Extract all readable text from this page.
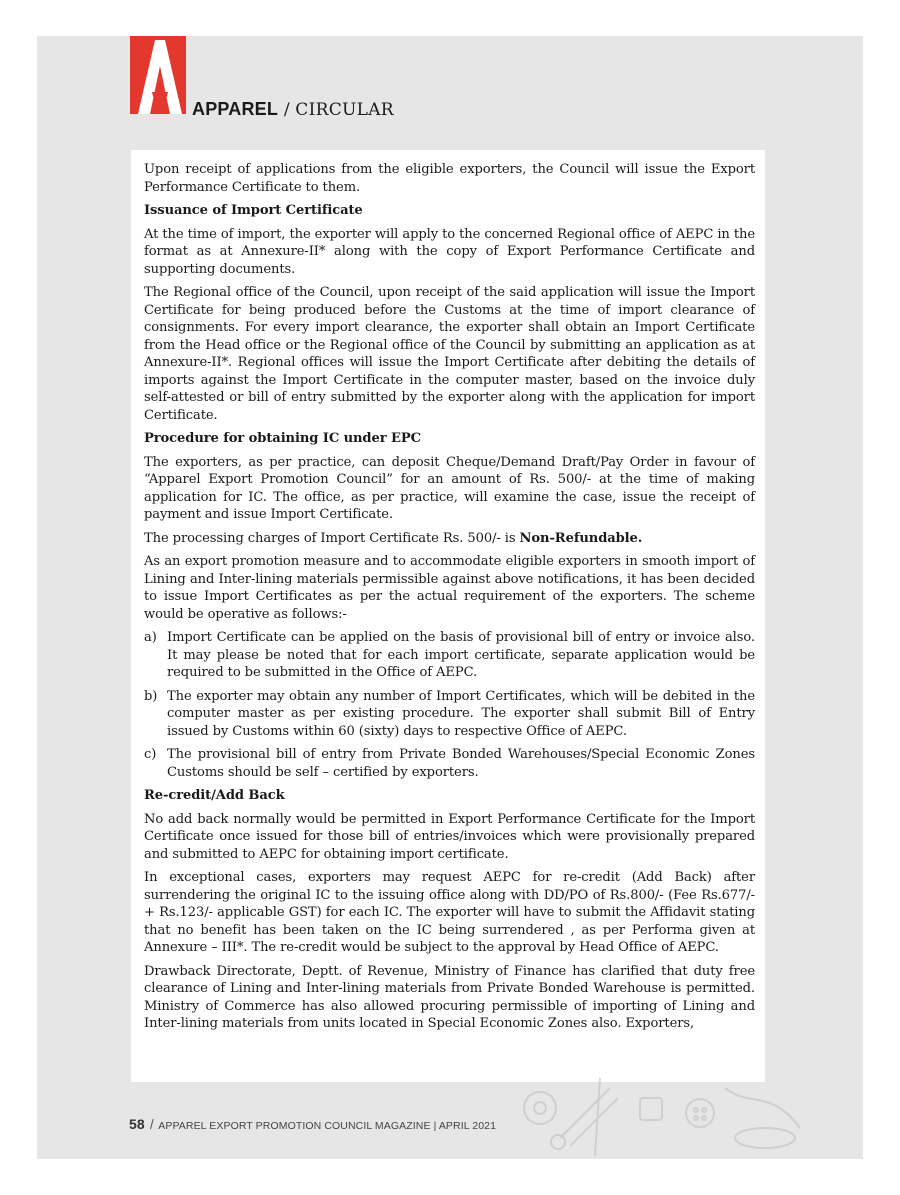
APPAREL / CIRCULAR

Upon receipt of applications from the eligible exporters, the Council will issue the Export Performance Certificate to them.

Issuance of Import Certificate

At the time of import, the exporter will apply to the concerned Regional office of AEPC in the format as at Annexure-II* along with the copy of Export Performance Certificate and supporting documents.

The Regional office of the Council, upon receipt of the said application will issue the Import Certificate for being produced before the Customs at the time of import clearance of consignments. For every import clearance, the exporter shall obtain an Import Certificate from the Head office or the Regional office of the Council by submitting an application as at Annexure-II*. Regional offices will issue the Import Certificate after debiting the details of imports against the Import Certificate in the computer master, based on the invoice duly self-attested or bill of entry submitted by the exporter along with the application for import Certificate.

Procedure for obtaining IC under EPC

The exporters, as per practice, can deposit Cheque/Demand Draft/Pay Order in favour of “Apparel Export Promotion Council” for an amount of Rs. 500/- at the time of making application for IC. The office, as per practice, will examine the case, issue the receipt of payment and issue Import Certificate.

The processing charges of Import Certificate Rs. 500/- is Non-Refundable.

As an export promotion measure and to accommodate eligible exporters in smooth import of Lining and Inter-lining materials permissible against above notifications, it has been decided to issue Import Certificates as per the actual requirement of the exporters. The scheme would be operative as follows:-

a) Import Certificate can be applied on the basis of provisional bill of entry or invoice also. It may please be noted that for each import certificate, separate application would be required to be submitted in the Office of AEPC.
b) The exporter may obtain any number of Import Certificates, which will be debited in the computer master as per existing procedure. The exporter shall submit Bill of Entry issued by Customs within 60 (sixty) days to respective Office of AEPC.
c) The provisional bill of entry from Private Bonded Warehouses/Special Economic Zones Customs should be self – certified by exporters.
Re-credit/Add Back

No add back normally would be permitted in Export Performance Certificate for the Import Certificate once issued for those bill of entries/invoices which were provisionally prepared and submitted to AEPC for obtaining import certificate.

In exceptional cases, exporters may request AEPC for re-credit (Add Back) after surrendering the original IC to the issuing office along with DD/PO of Rs.800/- (Fee Rs.677/- + Rs.123/- applicable GST) for each IC. The exporter will have to submit the Affidavit stating that no benefit has been taken on the IC being surrendered , as per Performa given at Annexure – III*. The re-credit would be subject to the approval by Head Office of AEPC.

Drawback Directorate, Deptt. of Revenue, Ministry of Finance has clarified that duty free clearance of Lining and Inter-lining materials from Private Bonded Warehouse is permitted. Ministry of Commerce has also allowed procuring permissible of importing of Lining and Inter-lining materials from units located in Special Economic Zones also. Exporters,

58 / APPAREL EXPORT PROMOTION COUNCIL MAGAZINE | APRIL 2021
